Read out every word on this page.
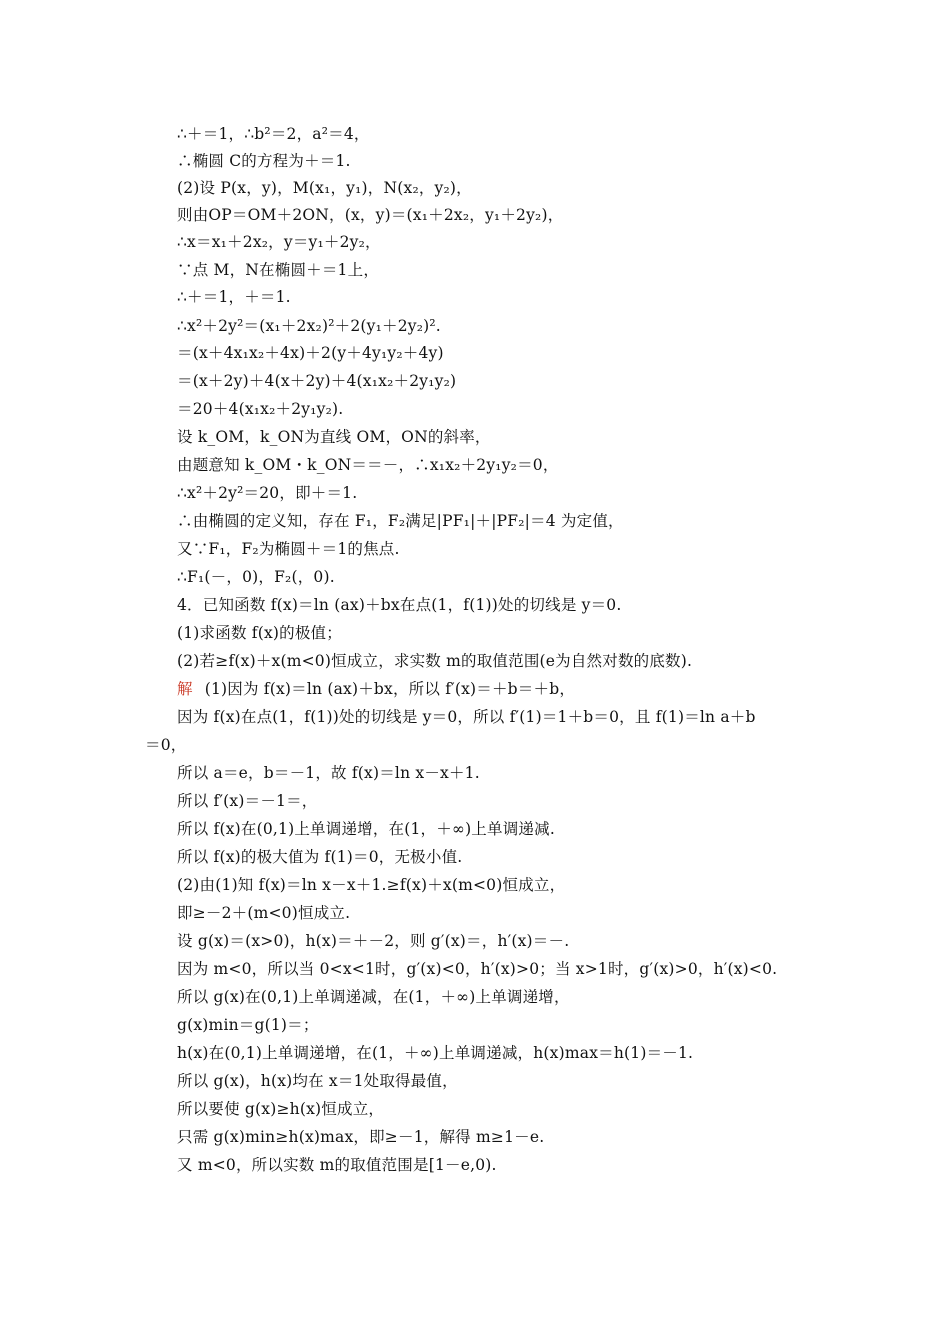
∴＋＝1，∴b²＝2，a²＝4，
∴椭圆 C的方程为＋＝1.
(2)设 P(x，y)，M(x₁，y₁)，N(x₂，y₂)，
则由OP＝OM＋2ON，(x，y)＝(x₁＋2x₂，y₁＋2y₂)，
∴x＝x₁＋2x₂，y＝y₁＋2y₂，
∵点 M，N在椭圆＋＝1上，
∴＋＝1，＋＝1.
∴x²＋2y²＝(x₁＋2x₂)²＋2(y₁＋2y₂)².
＝(x＋4x₁x₂＋4x)＋2(y＋4y₁y₂＋4y)
＝(x＋2y)＋4(x＋2y)＋4(x₁x₂＋2y₁y₂)
＝20＋4(x₁x₂＋2y₁y₂).
设 k_OM，k_ON为直线 OM，ON的斜率，
由题意知 k_OM・k_ON＝＝－，∴x₁x₂＋2y₁y₂＝0，
∴x²＋2y²＝20，即＋＝1.
∴由椭圆的定义知，存在 F₁，F₂满足|PF₁|＋|PF₂|＝4 为定值，
又∵F₁，F₂为椭圆＋＝1的焦点.
∴F₁(－，0)，F₂(，0).
4．已知函数 f(x)＝ln (ax)＋bx在点(1，f(1))处的切线是 y＝0.
(1)求函数 f(x)的极值；
(2)若≥f(x)＋x(m<0)恒成立，求实数 m的取值范围(e为自然对数的底数).
解 (1)因为 f(x)＝ln (ax)＋bx，所以 f′(x)＝＋b＝＋b，
因为 f(x)在点(1，f(1))处的切线是 y＝0，所以 f′(1)＝1＋b＝0，且 f(1)＝ln a＋b
＝0，
所以 a＝e，b＝－1，故 f(x)＝ln x－x＋1.
所以 f′(x)＝－1＝，
所以 f(x)在(0,1)上单调递增，在(1，＋∞)上单调递减.
所以 f(x)的极大值为 f(1)＝0，无极小值.
(2)由(1)知 f(x)＝ln x－x＋1.≥f(x)＋x(m<0)恒成立，
即≥－2＋(m<0)恒成立.
设 g(x)＝(x>0)，h(x)＝＋－2，则 g′(x)＝，h′(x)＝－.
因为 m<0，所以当 0<x<1时，g′(x)<0，h′(x)>0；当 x>1时，g′(x)>0，h′(x)<0.
所以 g(x)在(0,1)上单调递减，在(1，＋∞)上单调递增，
g(x)min＝g(1)＝；
h(x)在(0,1)上单调递增，在(1，＋∞)上单调递减，h(x)max＝h(1)＝－1.
所以 g(x)，h(x)均在 x＝1处取得最值，
所以要使 g(x)≥h(x)恒成立，
只需 g(x)min≥h(x)max，即≥－1，解得 m≥1－e.
又 m<0，所以实数 m的取值范围是[1－e,0).
